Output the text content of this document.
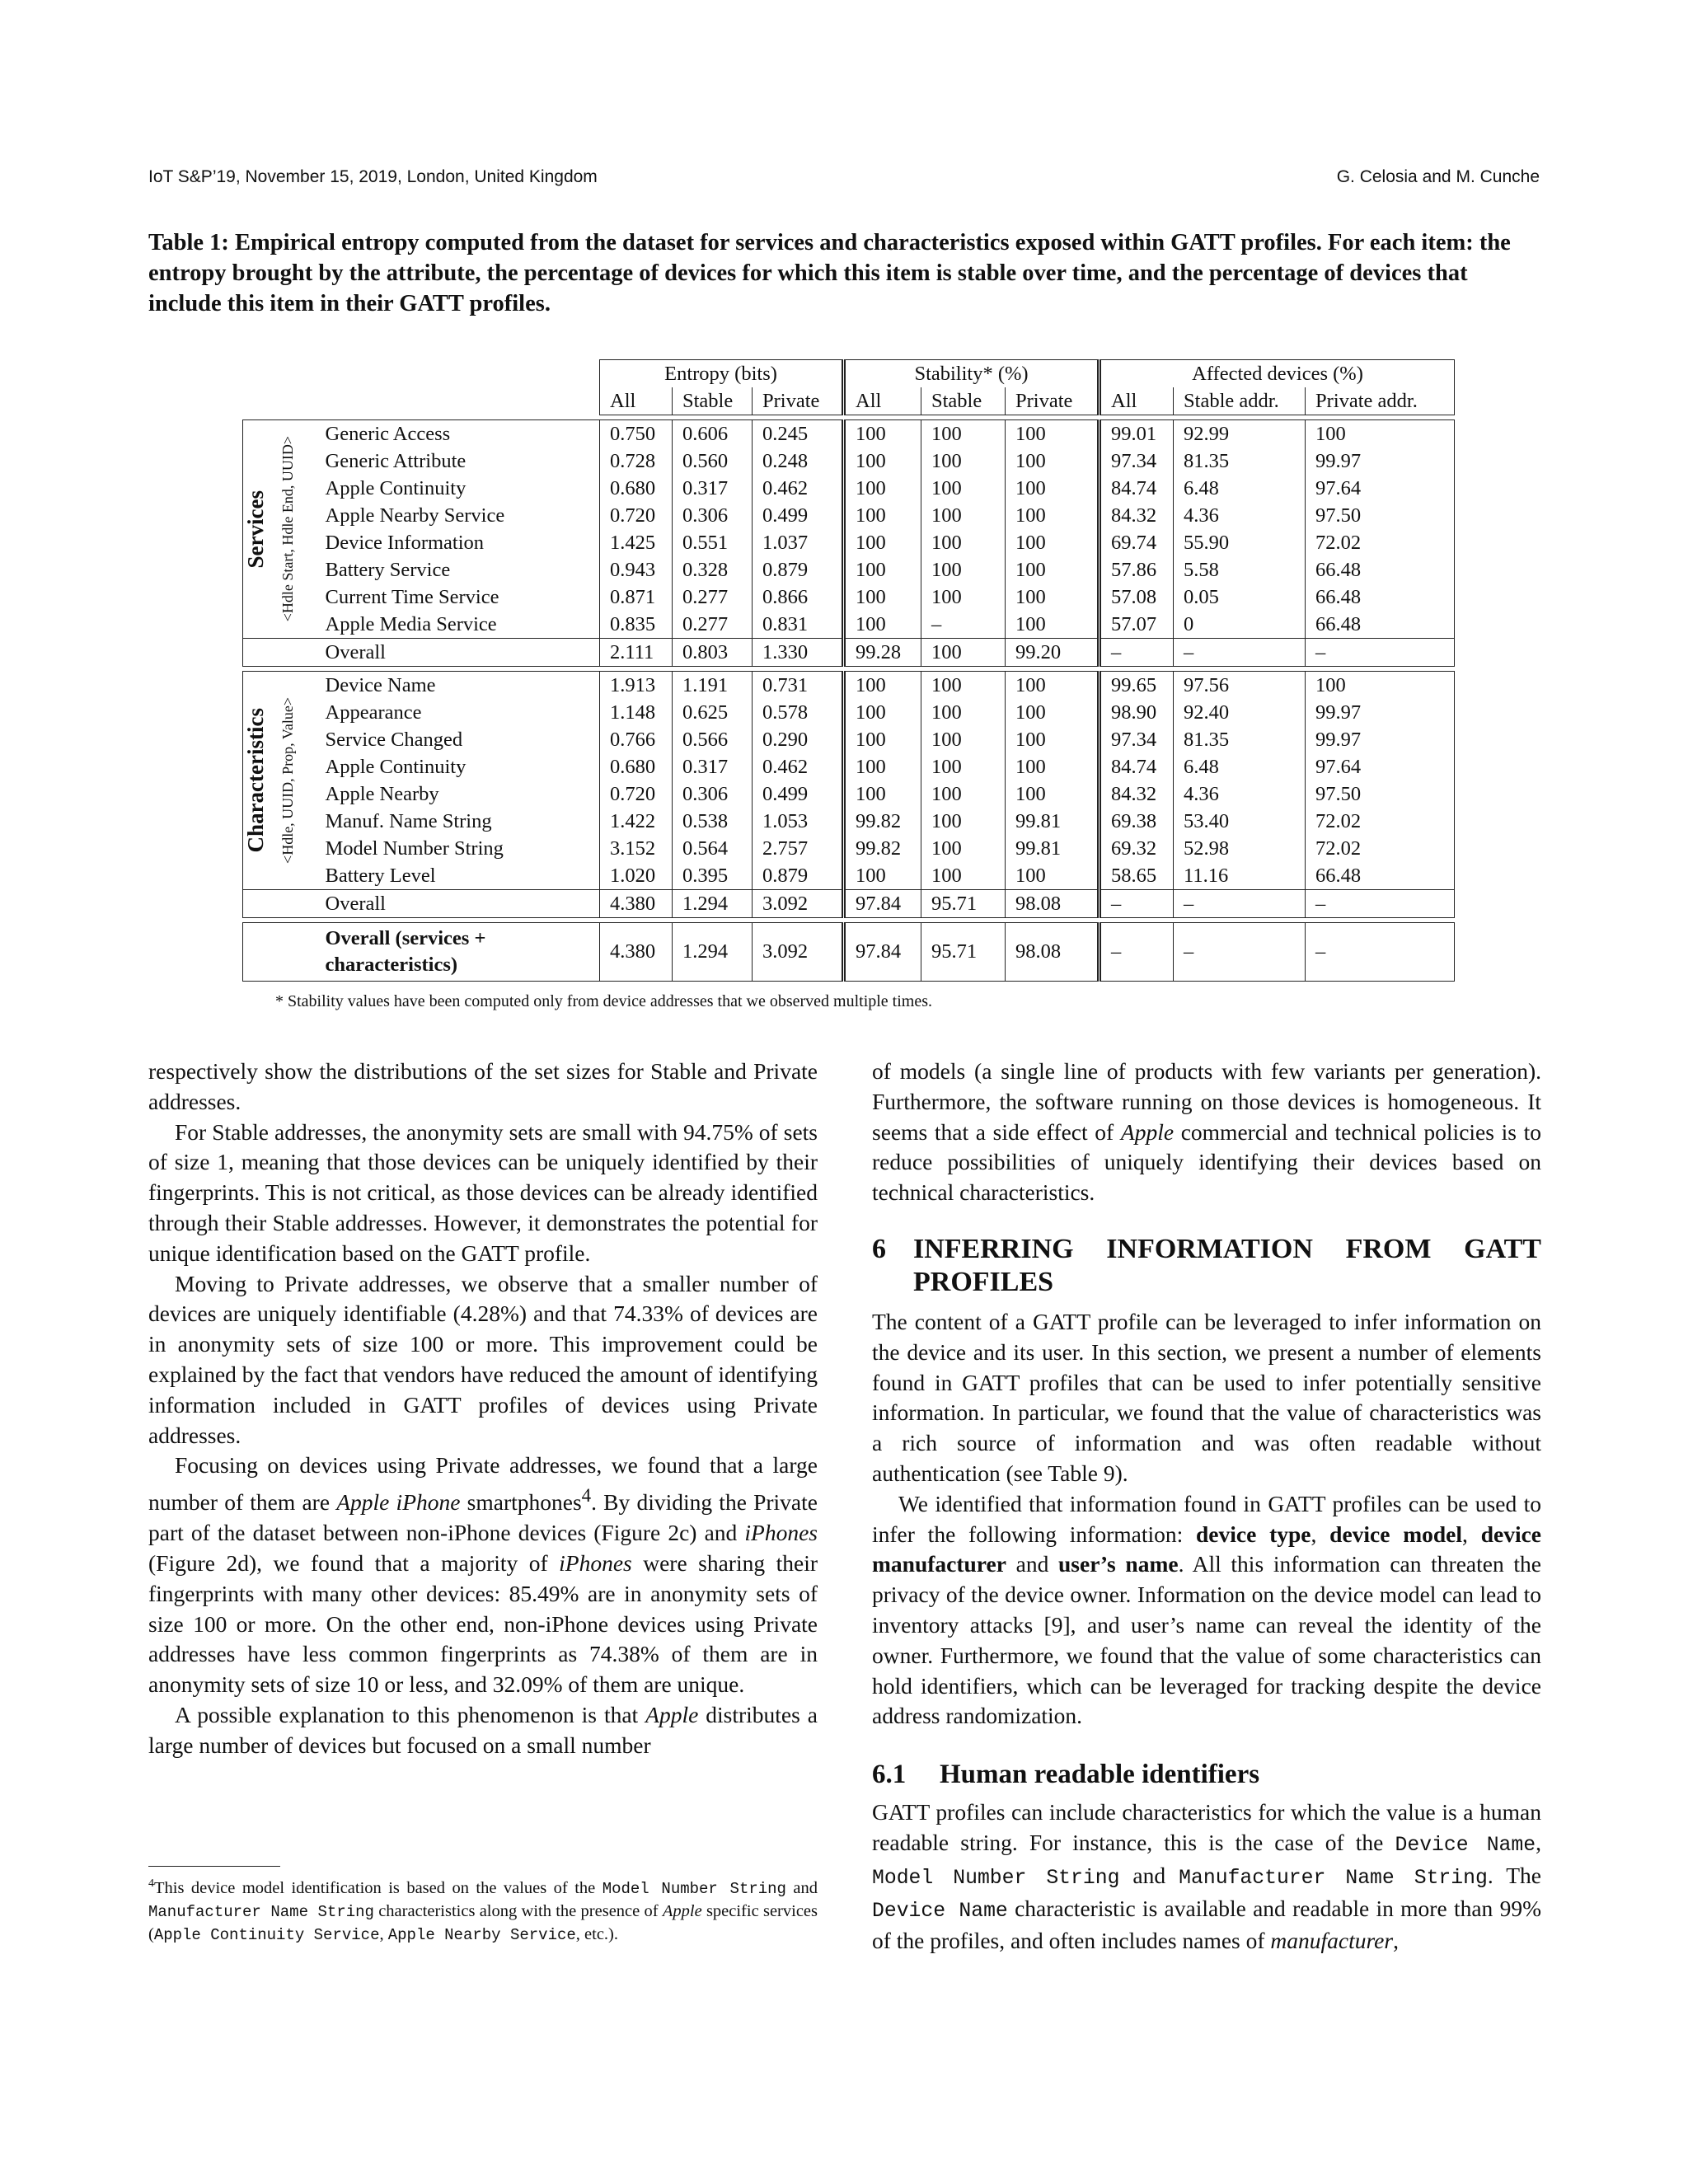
IoT S&P’19, November 15, 2019, London, United Kingdom	G. Celosia and M. Cunche
Table 1: Empirical entropy computed from the dataset for services and characteristics exposed within GATT profiles. For each item: the entropy brought by the attribute, the percentage of devices for which this item is stable over time, and the percentage of devices that include this item in their GATT profiles.
			Entropy (bits)			Stability* (%)			Affected devices (%)		
			All	Stable	Private	All	Stable	Private	All	Stable addr.	Private addr.

Services	<Hdle Start, Hdle End, UUID>	Generic Access	0.750	0.606	0.245	100	100	100	99.01	92.99	100
		Generic Attribute	0.728	0.560	0.248	100	100	100	97.34	81.35	99.97
		Apple Continuity	0.680	0.317	0.462	100	100	100	84.74	6.48	97.64
		Apple Nearby Service	0.720	0.306	0.499	100	100	100	84.32	4.36	97.50
		Device Information	1.425	0.551	1.037	100	100	100	69.74	55.90	72.02
		Battery Service	0.943	0.328	0.879	100	100	100	57.86	5.58	66.48
		Current Time Service	0.871	0.277	0.866	100	100	100	57.08	0.05	66.48
		Apple Media Service	0.835	0.277	0.831	100	–	100	57.07	0	66.48
		Overall	2.111	0.803	1.330	99.28	100	99.20	–	–	–

Characteristics	<Hdle, UUID, Prop, Value>	Device Name	1.913	1.191	0.731	100	100	100	99.65	97.56	100
		Appearance	1.148	0.625	0.578	100	100	100	98.90	92.40	99.97
		Service Changed	0.766	0.566	0.290	100	100	100	97.34	81.35	99.97
		Apple Continuity	0.680	0.317	0.462	100	100	100	84.74	6.48	97.64
		Apple Nearby	0.720	0.306	0.499	100	100	100	84.32	4.36	97.50
		Manuf. Name String	1.422	0.538	1.053	99.82	100	99.81	69.38	53.40	72.02
		Model Number String	3.152	0.564	2.757	99.82	100	99.81	69.32	52.98	72.02
		Battery Level	1.020	0.395	0.879	100	100	100	58.65	11.16	66.48
		Overall	4.380	1.294	3.092	97.84	95.71	98.08	–	–	–

		Overall (services + characteristics)	4.380	1.294	3.092	97.84	95.71	98.08	–	–	–
* Stability values have been computed only from device addresses that we observed multiple times.

respectively show the distributions of the set sizes for Stable and Private addresses.

For Stable addresses, the anonymity sets are small with 94.75% of sets of size 1, meaning that those devices can be uniquely identified by their fingerprints. This is not critical, as those devices can be already identified through their Stable addresses. However, it demonstrates the potential for unique identification based on the GATT profile.

Moving to Private addresses, we observe that a smaller number of devices are uniquely identifiable (4.28%) and that 74.33% of devices are in anonymity sets of size 100 or more. This improvement could be explained by the fact that vendors have reduced the amount of identifying information included in GATT profiles of devices using Private addresses.

Focusing on devices using Private addresses, we found that a large number of them are Apple iPhone smartphones$^4$. By dividing the Private part of the dataset between non-iPhone devices (Figure 2c) and iPhones (Figure 2d), we found that a majority of iPhones were sharing their fingerprints with many other devices: 85.49% are in anonymity sets of size 100 or more. On the other end, non-iPhone devices using Private addresses have less common fingerprints as 74.38% of them are in anonymity sets of size 10 or less, and 32.09% of them are unique.

A possible explanation to this phenomenon is that Apple distributes a large number of devices but focused on a small number

$^4$This device model identification is based on the values of the Model Number String and Manufacturer Name String characteristics along with the presence of Apple specific services (Apple Continuity Service, Apple Nearby Service, etc.).

of models (a single line of products with few variants per generation). Furthermore, the software running on those devices is homogeneous. It seems that a side effect of Apple commercial and technical policies is to reduce possibilities of uniquely identifying their devices based on technical characteristics.

6 INFERRING INFORMATION FROM GATT PROFILES

The content of a GATT profile can be leveraged to infer information on the device and its user. In this section, we present a number of elements found in GATT profiles that can be used to infer potentially sensitive information. In particular, we found that the value of characteristics was a rich source of information and was often readable without authentication (see Table 9).

We identified that information found in GATT profiles can be used to infer the following information: device type, device model, device manufacturer and user’s name. All this information can threaten the privacy of the device owner. Information on the device model can lead to inventory attacks [9], and user’s name can reveal the identity of the owner. Furthermore, we found that the value of some characteristics can hold identifiers, which can be leveraged for tracking despite the device address randomization.

6.1	Human readable identifiers

GATT profiles can include characteristics for which the value is a human readable string. For instance, this is the case of the Device Name, Model Number String and Manufacturer Name String. The Device Name characteristic is available and readable in more than 99% of the profiles, and often includes names of manufacturer,
